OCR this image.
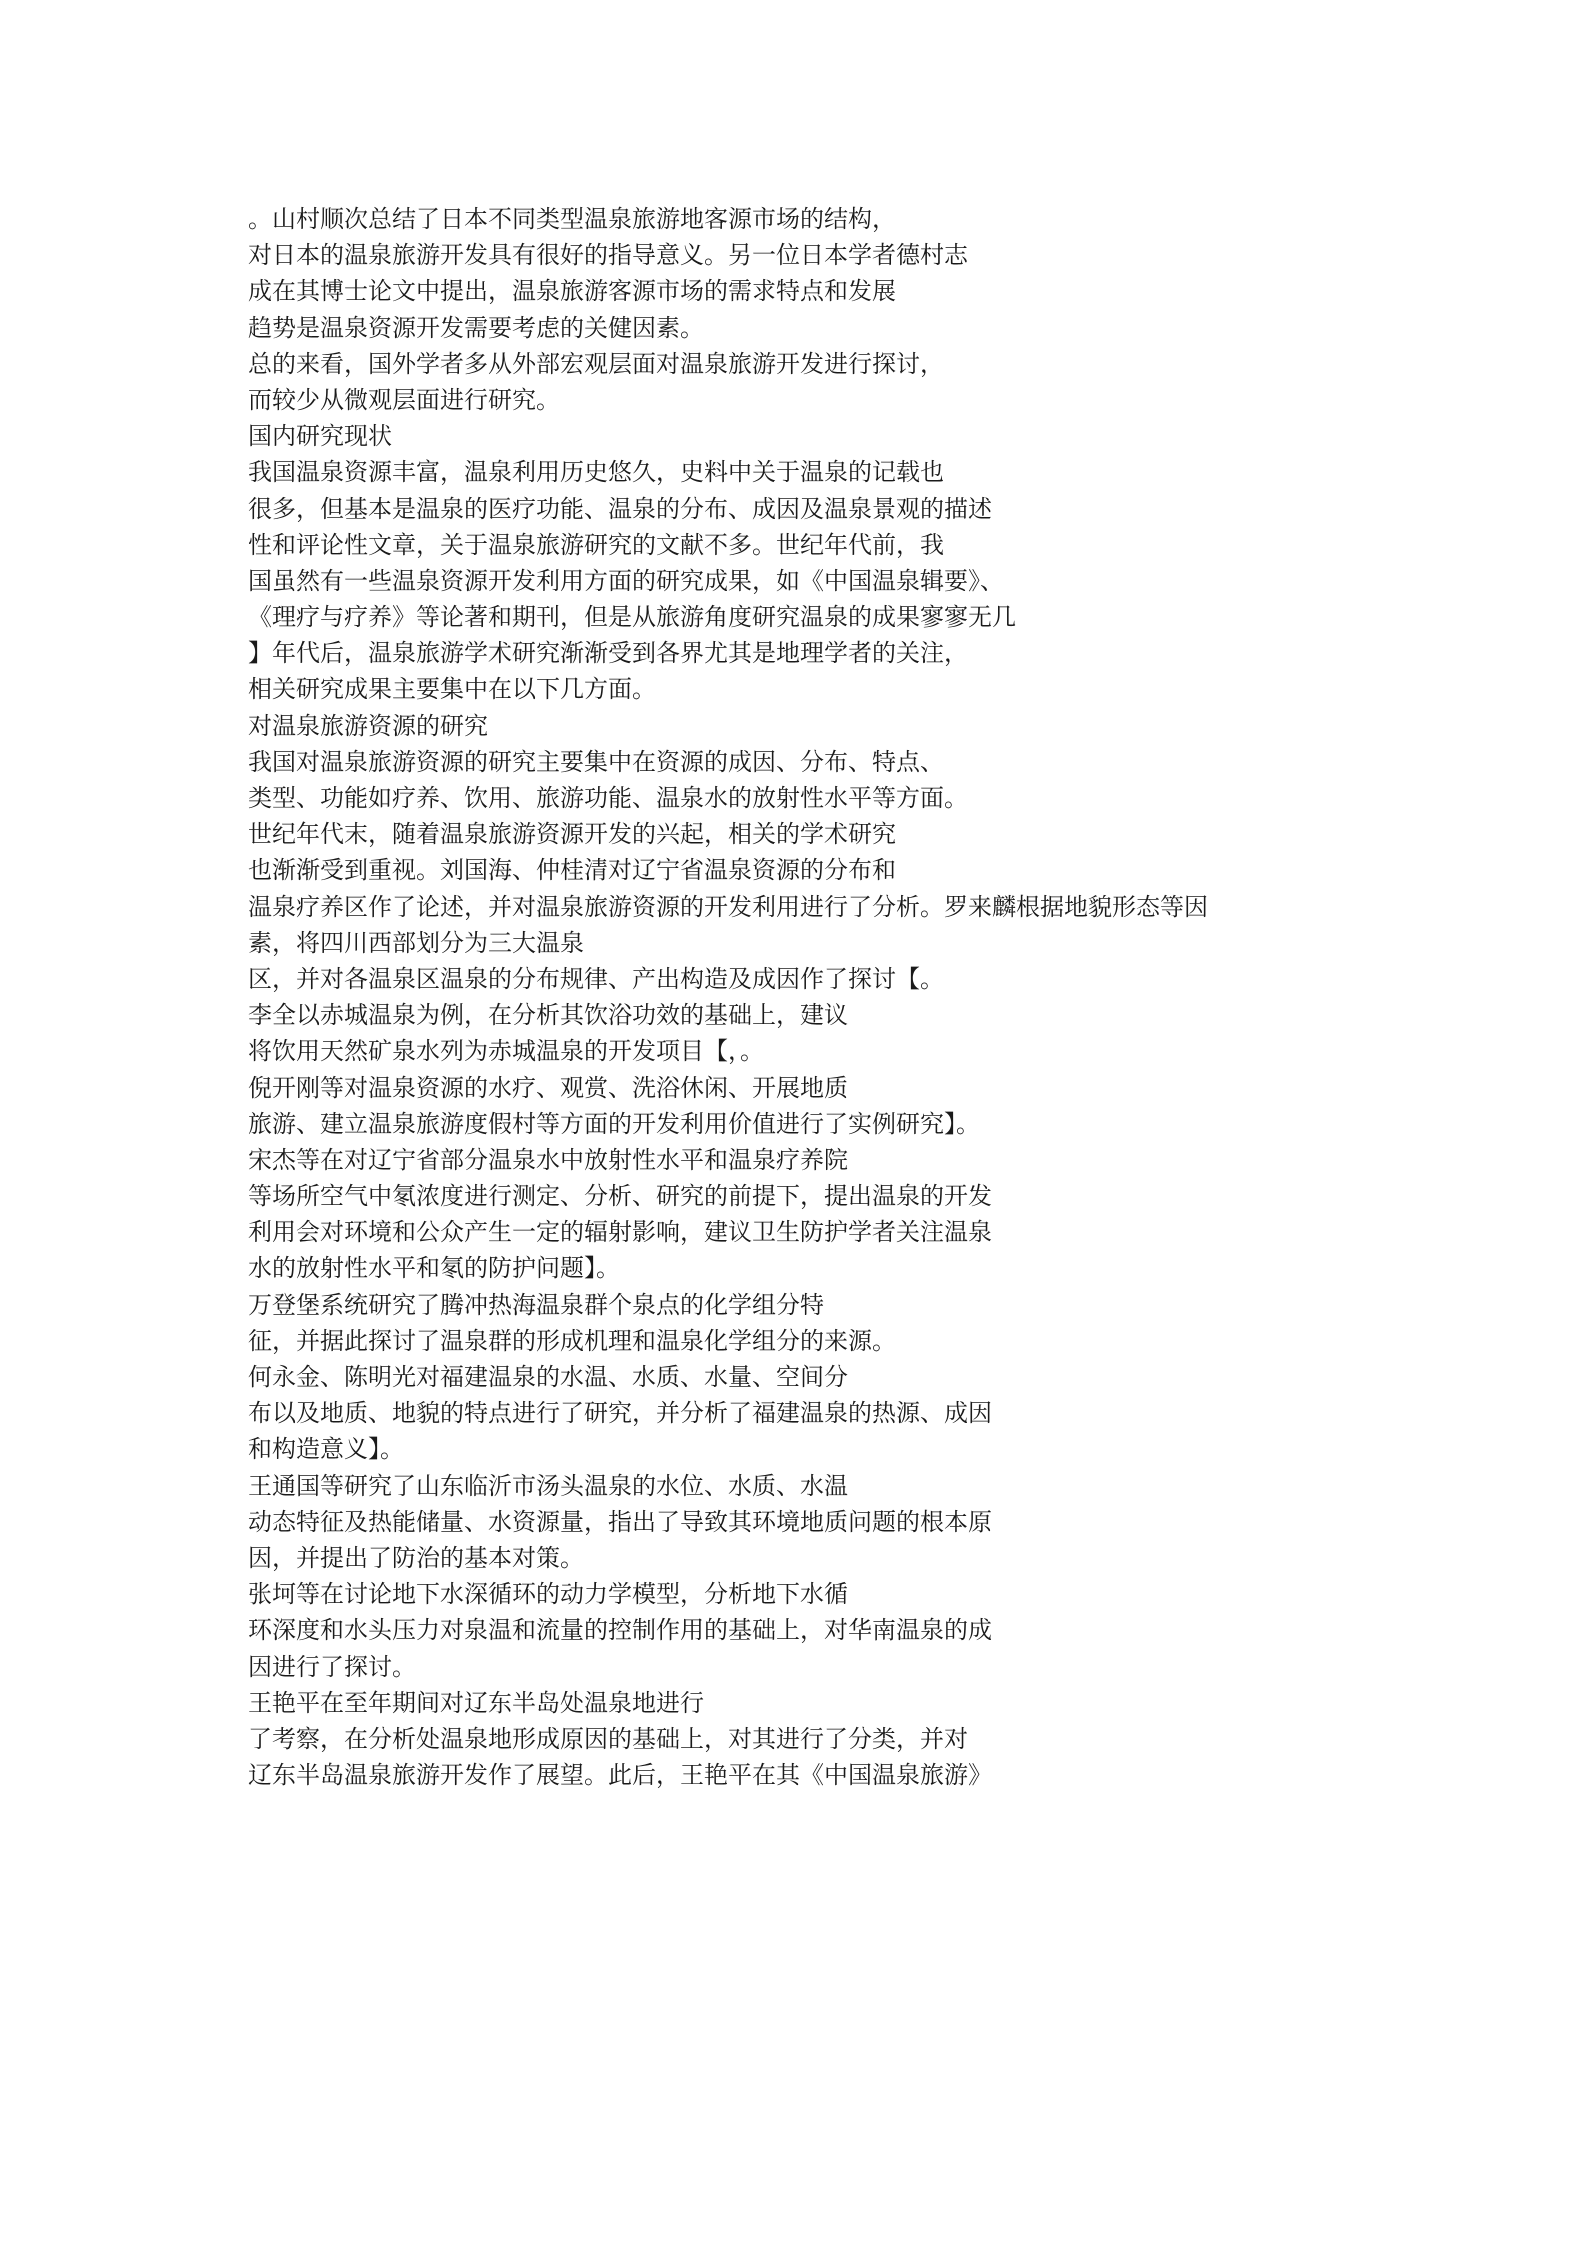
。山村顺次总结了日本不同类型温泉旅游地客源市场的结构，
对日本的温泉旅游开发具有很好的指导意义。另一位日本学者德村志
成在其博士论文中提出，温泉旅游客源市场的需求特点和发展
趋势是温泉资源开发需要考虑的关健因素。
总的来看，国外学者多从外部宏观层面对温泉旅游开发进行探讨，
而较少从微观层面进行研究。
国内研究现状
我国温泉资源丰富，温泉利用历史悠久，史料中关于温泉的记载也
很多，但基本是温泉的医疗功能、温泉的分布、成因及温泉景观的描述
性和评论性文章，关于温泉旅游研究的文献不多。世纪年代前，我
国虽然有一些温泉资源开发利用方面的研究成果，如《中国温泉辑要》、
《理疗与疗养》等论著和期刊，但是从旅游角度研究温泉的成果寥寥无几
】年代后，温泉旅游学术研究渐渐受到各界尤其是地理学者的关注，
相关研究成果主要集中在以下几方面。
对温泉旅游资源的研究
我国对温泉旅游资源的研究主要集中在资源的成因、分布、特点、
类型、功能如疗养、饮用、旅游功能、温泉水的放射性水平等方面。
世纪年代末，随着温泉旅游资源开发的兴起，相关的学术研究
也渐渐受到重视。刘国海、仲桂清对辽宁省温泉资源的分布和
温泉疗养区作了论述，并对温泉旅游资源的开发利用进行了分析。罗来麟根据地貌形态等因
素，将四川西部划分为三大温泉
区，并对各温泉区温泉的分布规律、产出构造及成因作了探讨【。
李全以赤城温泉为例，在分析其饮浴功效的基础上，建议
将饮用天然矿泉水列为赤城温泉的开发项目【，。
倪开刚等对温泉资源的水疗、观赏、洗浴休闲、开展地质
旅游、建立温泉旅游度假村等方面的开发利用价值进行了实例研究】。
宋杰等在对辽宁省部分温泉水中放射性水平和温泉疗养院
等场所空气中氡浓度进行测定、分析、研究的前提下，提出温泉的开发
利用会对环境和公众产生一定的辐射影响，建议卫生防护学者关注温泉
水的放射性水平和氡的防护问题】。
万登堡系统研究了腾冲热海温泉群个泉点的化学组分特
征，并据此探讨了温泉群的形成机理和温泉化学组分的来源。
何永金、陈明光对福建温泉的水温、水质、水量、空间分
布以及地质、地貌的特点进行了研究，并分析了福建温泉的热源、成因
和构造意义】。
王通国等研究了山东临沂市汤头温泉的水位、水质、水温
动态特征及热能储量、水资源量，指出了导致其环境地质问题的根本原
因，并提出了防治的基本对策。
张坷等在讨论地下水深循环的动力学模型，分析地下水循
环深度和水头压力对泉温和流量的控制作用的基础上，对华南温泉的成
因进行了探讨。
王艳平在至年期间对辽东半岛处温泉地进行
了考察，在分析处温泉地形成原因的基础上，对其进行了分类，并对
辽东半岛温泉旅游开发作了展望。此后，王艳平在其《中国温泉旅游》
